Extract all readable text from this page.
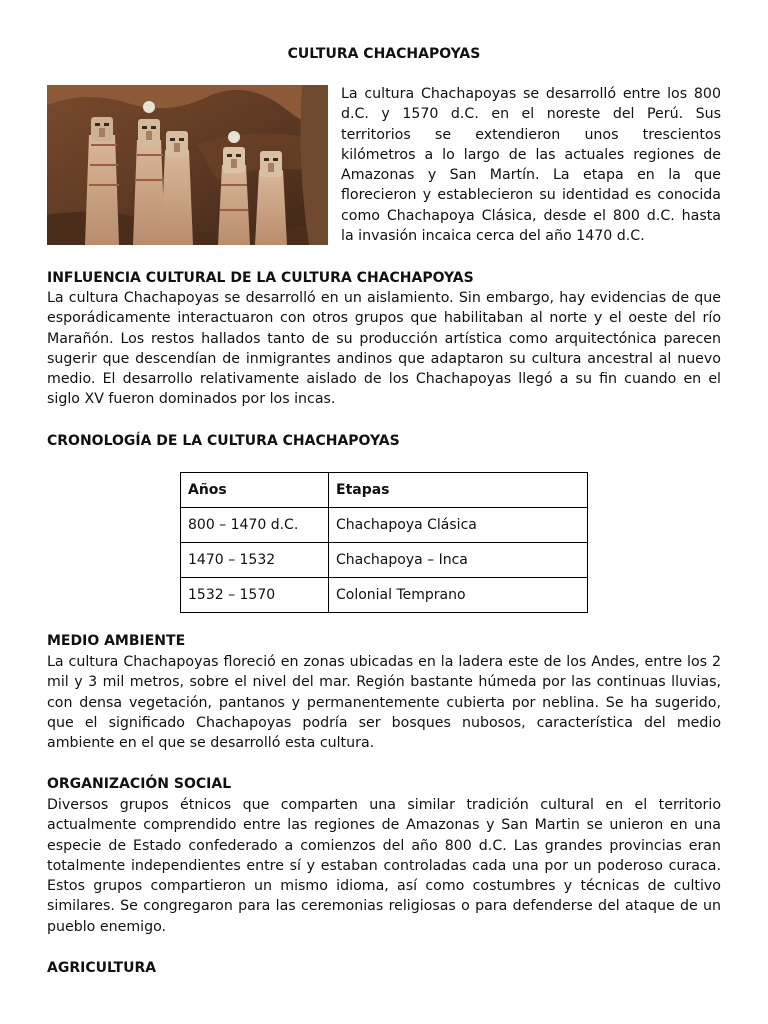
CULTURA CHACHAPOYAS

La cultura Chachapoyas se desarrolló entre los 800 d.C. y 1570 d.C. en el noreste del Perú. Sus territorios se extendieron unos trescientos kilómetros a lo largo de las actuales regiones de Amazonas y San Martín. La etapa en la que florecieron y establecieron su identidad es conocida como Chachapoya Clásica, desde el 800 d.C. hasta la invasión incaica cerca del año 1470 d.C.

INFLUENCIA CULTURAL DE LA CULTURA CHACHAPOYAS

La cultura Chachapoyas se desarrolló en un aislamiento. Sin embargo, hay evidencias de que esporádicamente interactuaron con otros grupos que habilitaban al norte y el oeste del río Marañón. Los restos hallados tanto de su producción artística como arquitectónica parecen sugerir que descendían de inmigrantes andinos que adaptaron su cultura ancestral al nuevo medio. El desarrollo relativamente aislado de los Chachapoyas llegó a su fin cuando en el siglo XV fueron dominados por los incas.

CRONOLOGÍA DE LA CULTURA CHACHAPOYAS
Años	Etapas
800 – 1470 d.C.	Chachapoya Clásica
1470 – 1532	Chachapoya – Inca
1532 – 1570	Colonial Temprano
MEDIO AMBIENTE

La cultura Chachapoyas floreció en zonas ubicadas en la ladera este de los Andes, entre los 2 mil y 3 mil metros, sobre el nivel del mar. Región bastante húmeda por las continuas lluvias, con densa vegetación, pantanos y permanentemente cubierta por neblina. Se ha sugerido, que el significado Chachapoyas podría ser bosques nubosos, característica del medio ambiente en el que se desarrolló esta cultura.

ORGANIZACIÓN SOCIAL

Diversos grupos étnicos que comparten una similar tradición cultural en el territorio actualmente comprendido entre las regiones de Amazonas y San Martin se unieron en una especie de Estado confederado a comienzos del año 800 d.C. Las grandes provincias eran totalmente independientes entre sí y estaban controladas cada una por un poderoso curaca. Estos grupos compartieron un mismo idioma, así como costumbres y técnicas de cultivo similares. Se congregaron para las ceremonias religiosas o para defenderse del ataque de un pueblo enemigo.

AGRICULTURA
